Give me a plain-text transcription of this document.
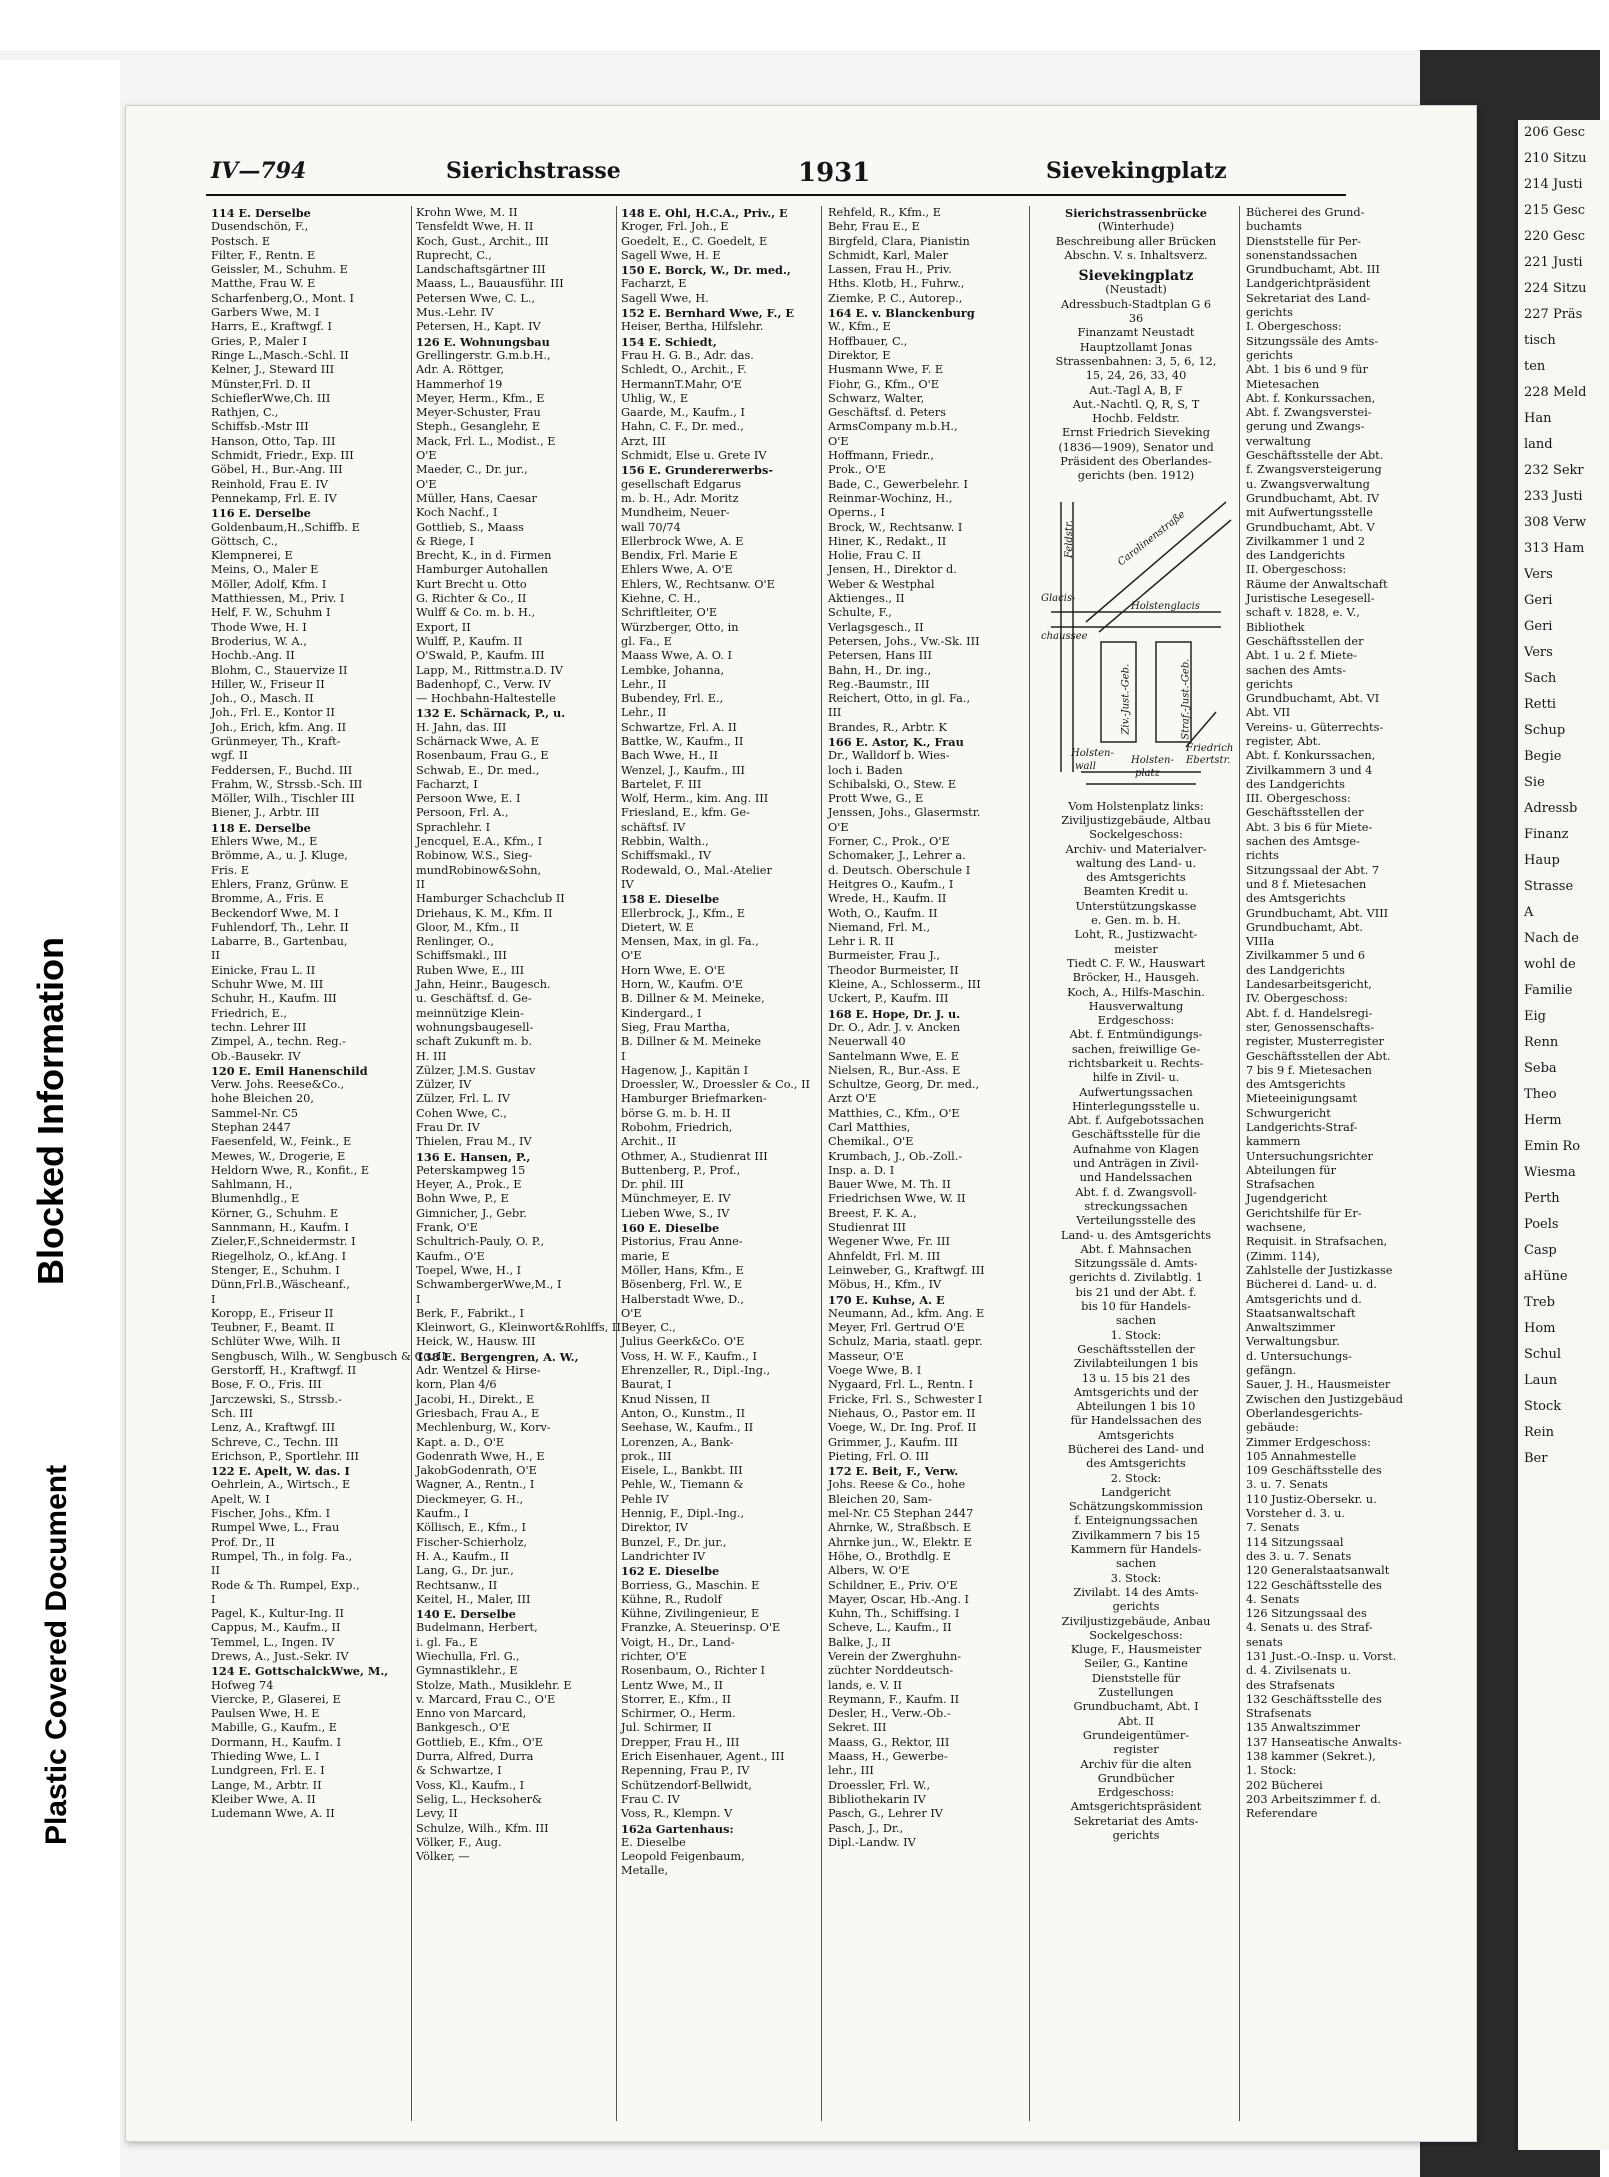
206 Gesc
210 Sitzu
214 Justi
215 Gesc
220 Gesc
221 Justi
224 Sitzu
227 Präs
tisch
ten
228 Meld
Han
land
232 Sekr
233 Justi
308 Verw
313 Ham
Vers
Geri
Geri
Vers
Sach
Retti
Schup
Begie
Sie
Adressb
Finanz
Haup
Strasse
A
Nach de
wohl de
Familie
Eig
Renn
Seba
Theo
Herm
Emin Ro
Wiesma
Perth
Poels
Casp
aHüne
Treb
Hom
Schul
Laun
Stock
Rein
Ber
Blocked Information
Plastic Covered Document
IV—794	Sierichstrasse	1931	Sievekingplatz
114 E. Derselbe
Dusendschön, F.,
Postsch. E
Filter, F., Rentn. E
Geissler, M., Schuhm. E
Matthe, Frau W. E
Scharfenberg,O., Mont. I
Garbers Wwe, M. I
Harrs, E., Kraftwgf. I
Gries, P., Maler I
Ringe L.,Masch.-Schl. II
Kelner, J., Steward III
Münster,Frl. D. II
SchieflerWwe,Ch. III
Rathjen, C.,
Schiffsb.-Mstr III
Hanson, Otto, Tap. III
Schmidt, Friedr., Exp. III
Göbel, H., Bur.-Ang. III
Reinhold, Frau E. IV
Pennekamp, Frl. E. IV
116 E. Derselbe
Goldenbaum,H.,Schiffb. E
Göttsch, C.,
Klempnerei, E
Meins, O., Maler E
Möller, Adolf, Kfm. I
Matthiessen, M., Priv. I
Helf, F. W., Schuhm I
Thode Wwe, H. I
Broderius, W. A.,
Hochb.-Ang. II
Blohm, C., Stauervize II
Hiller, W., Friseur II
Joh., O., Masch. II
Joh., Frl. E., Kontor II
Joh., Erich, kfm. Ang. II
Grünmeyer, Th., Kraft-
wgf. II
Feddersen, F., Buchd. III
Frahm, W., Strssb.-Sch. III
Möller, Wilh., Tischler III
Biener, J., Arbtr. III
118 E. Derselbe
Ehlers Wwe, M., E
Brömme, A., u. J. Kluge,
Fris. E
Ehlers, Franz, Grünw. E
Bromme, A., Fris. E
Beckendorf Wwe, M. I
Fuhlendorf, Th., Lehr. II
Labarre, B., Gartenbau,
II
Einicke, Frau L. II
Schuhr Wwe, M. III
Schuhr, H., Kaufm. III
Friedrich, E.,
techn. Lehrer III
Zimpel, A., techn. Reg.-
Ob.-Bausekr. IV
120 E. Emil Hanenschild
Verw. Johs. Reese&Co.,
hohe Bleichen 20,
Sammel-Nr. C5
Stephan 2447
Faesenfeld, W., Feink., E
Mewes, W., Drogerie, E
Heldorn Wwe, R., Konfit., E
Sahlmann, H.,
Blumenhdlg., E
Körner, G., Schuhm. E
Sannmann, H., Kaufm. I
Zieler,F.,Schneidermstr. I
Riegelholz, O., kf.Ang. I
Stenger, E., Schuhm. I
Dünn,Frl.B.,Wäscheanf.,
I
Koropp, E., Friseur II
Teubner, F., Beamt. II
Schlüter Wwe, Wilh. II
Sengbusch, Wilh., W. Sengbusch & Co. II
Gerstorff, H., Kraftwgf. II
Bose, F. O., Fris. III
Jarczewski, S., Strssb.-
Sch. III
Lenz, A., Kraftwgf. III
Schreve, C., Techn. III
Erichson, P., Sportlehr. III
122 E. Apelt, W. das. I
Oehrlein, A., Wirtsch., E
Apelt, W. I
Fischer, Johs., Kfm. I
Rumpel Wwe, L., Frau
Prof. Dr., II
Rumpel, Th., in folg. Fa.,
II
Rode & Th. Rumpel, Exp.,
I
Pagel, K., Kultur-Ing. II
Cappus, M., Kaufm., II
Temmel, L., Ingen. IV
Drews, A., Just.-Sekr. IV
124 E. GottschalckWwe, M.,
Hofweg 74
Viercke, P., Glaserei, E
Paulsen Wwe, H. E
Mabille, G., Kaufm., E
Dormann, H., Kaufm. I
Thieding Wwe, L. I
Lundgreen, Frl. E. I
Lange, M., Arbtr. II
Kleiber Wwe, A. II
Ludemann Wwe, A. II
Krohn Wwe, M. II
Tensfeldt Wwe, H. II
Koch, Gust., Archit., III
Ruprecht, C.,
Landschaftsgärtner III
Maass, L., Bauausführ. III
Petersen Wwe, C. L.,
Mus.-Lehr. IV
Petersen, H., Kapt. IV
126 E. Wohnungsbau
Grellingerstr. G.m.b.H.,
Adr. A. Röttger,
Hammerhof 19
Meyer, Herm., Kfm., E
Meyer-Schuster, Frau
Steph., Gesanglehr, E
Mack, Frl. L., Modist., E
O'E
Maeder, C., Dr. jur.,
O'E
Müller, Hans, Caesar
Koch Nachf., I
Gottlieb, S., Maass
& Riege, I
Brecht, K., in d. Firmen
Hamburger Autohallen
Kurt Brecht u. Otto
G. Richter & Co., II
Wulff & Co. m. b. H.,
Export, II
Wulff, P., Kaufm. II
O'Swald, P., Kaufm. III
Lapp, M., Rittmstr.a.D. IV
Badenhopf, C., Verw. IV
— Hochbahn-Haltestelle
132 E. Schärnack, P., u.
H. Jahn, das. III
Schärnack Wwe, A. E
Rosenbaum, Frau G., E
Schwab, E., Dr. med.,
Facharzt, I
Persoon Wwe, E. I
Persoon, Frl. A.,
Sprachlehr. I
Jencquel, E.A., Kfm., I
Robinow, W.S., Sieg-
mundRobinow&Sohn,
II
Hamburger Schachclub II
Driehaus, K. M., Kfm. II
Gloor, M., Kfm., II
Renlinger, O.,
Schiffsmakl., III
Ruben Wwe, E., III
Jahn, Heinr., Baugesch.
u. Geschäftsf. d. Ge-
meinnützige Klein-
wohnungsbaugesell-
schaft Zukunft m. b.
H. III
Zülzer, J.M.S. Gustav
Zülzer, IV
Zülzer, Frl. L. IV
Cohen Wwe, C.,
Frau Dr. IV
Thielen, Frau M., IV
136 E. Hansen, P.,
Peterskampweg 15
Heyer, A., Prok., E
Bohn Wwe, P., E
Gimnicher, J., Gebr.
Frank, O'E
Schultrich-Pauly, O. P.,
Kaufm., O'E
Toepel, Wwe, H., I
SchwambergerWwe,M., I
I
Berk, F., Fabrikt., I
Kleinwort, G., Kleinwort&Rohlffs, II
Heick, W., Hausw. III
138 E. Bergengren, A. W.,
Adr. Wentzel & Hirse-
korn, Plan 4/6
Jacobi, H., Direkt., E
Griesbach, Frau A., E
Mechlenburg, W., Korv-
Kapt. a. D., O'E
Godenrath Wwe, H., E
JakobGodenrath, O'E
Wagner, A., Rentn., I
Dieckmeyer, G. H.,
Kaufm., I
Köllisch, E., Kfm., I
Fischer-Schierholz,
H. A., Kaufm., II
Lang, G., Dr. jur.,
Rechtsanw., II
Keitel, H., Maler, III
140 E. Derselbe
Budelmann, Herbert,
i. gl. Fa., E
Wiechulla, Frl. G.,
Gymnastiklehr., E
Stolze, Math., Musiklehr. E
v. Marcard, Frau C., O'E
Enno von Marcard,
Bankgesch., O'E
Gottlieb, E., Kfm., O'E
Durra, Alfred, Durra
& Schwartze, I
Voss, Kl., Kaufm., I
Selig, L., Hecksoher&
Levy, II
Schulze, Wilh., Kfm. III
Völker, F., Aug.
Völker, —
148 E. Ohl, H.C.A., Priv., E
Kroger, Frl. Joh., E
Goedelt, E., C. Goedelt, E
Sagell Wwe, H. E
150 E. Borck, W., Dr. med.,
Facharzt, E
Sagell Wwe, H.
152 E. Bernhard Wwe, F., E
Heiser, Bertha, Hilfslehr.
154 E. Schiedt,
Frau H. G. B., Adr. das.
Schledt, O., Archit., F.
HermannT.Mahr, O'E
Uhlig, W., E
Gaarde, M., Kaufm., I
Hahn, C. F., Dr. med.,
Arzt, III
Schmidt, Else u. Grete IV
156 E. Grundererwerbs-
gesellschaft Edgarus
m. b. H., Adr. Moritz
Mundheim, Neuer-
wall 70/74
Ellerbrock Wwe, A. E
Bendix, Frl. Marie E
Ehlers Wwe, A. O'E
Ehlers, W., Rechtsanw. O'E
Kiehne, C. H.,
Schriftleiter, O'E
Würzberger, Otto, in
gl. Fa., E
Maass Wwe, A. O. I
Lembke, Johanna,
Lehr., II
Bubendey, Frl. E.,
Lehr., II
Schwartze, Frl. A. II
Battke, W., Kaufm., II
Bach Wwe, H., II
Wenzel, J., Kaufm., III
Bartelet, F. III
Wolf, Herm., kim. Ang. III
Friesland, E., kfm. Ge-
schäftsf. IV
Rebbin, Walth.,
Schiffsmakl., IV
Rodewald, O., Mal.-Atelier
IV
158 E. Dieselbe
Ellerbrock, J., Kfm., E
Dietert, W. E
Mensen, Max, in gl. Fa.,
O'E
Horn Wwe, E. O'E
Horn, W., Kaufm. O'E
B. Dillner & M. Meineke,
Kindergard., I
Sieg, Frau Martha,
B. Dillner & M. Meineke
I
Hagenow, J., Kapitän I
Droessler, W., Droessler & Co., II
Hamburger Briefmarken-
börse G. m. b. H. II
Robohm, Friedrich,
Archit., II
Othmer, A., Studienrat III
Buttenberg, P., Prof.,
Dr. phil. III
Münchmeyer, E. IV
Lieben Wwe, S., IV
160 E. Dieselbe
Pistorius, Frau Anne-
marie, E
Möller, Hans, Kfm., E
Bösenberg, Frl. W., E
Halberstadt Wwe, D.,
O'E
Beyer, C.,
Julius Geerk&Co. O'E
Voss, H. W. F., Kaufm., I
Ehrenzeller, R., Dipl.-Ing.,
Baurat, I
Knud Nissen, II
Anton, O., Kunstm., II
Seehase, W., Kaufm., II
Lorenzen, A., Bank-
prok., III
Eisele, L., Bankbt. III
Pehle, W., Tiemann &
Pehle IV
Hennig, F., Dipl.-Ing.,
Direktor, IV
Bunzel, F., Dr. jur.,
Landrichter IV
162 E. Dieselbe
Borriess, G., Maschin. E
Kühne, R., Rudolf
Kühne, Zivilingenieur, E
Franzke, A. Steuerinsp. O'E
Voigt, H., Dr., Land-
richter, O'E
Rosenbaum, O., Richter I
Lentz Wwe, M., II
Storrer, E., Kfm., II
Schirmer, O., Herm.
Jul. Schirmer, II
Drepper, Frau H., III
Erich Eisenhauer, Agent., III
Repenning, Frau P., IV
Schützendorf-Bellwidt,
Frau C. IV
Voss, R., Klempn. V
162a Gartenhaus:
E. Dieselbe
Leopold Feigenbaum,
Metalle,
Rehfeld, R., Kfm., E
Behr, Frau E., E
Birgfeld, Clara, Pianistin
Schmidt, Karl, Maler
Lassen, Frau H., Priv.
Hths. Klotb, H., Fuhrw.,
Ziemke, P. C., Autorep.,
164 E. v. Blanckenburg
W., Kfm., E
Hoffbauer, C.,
Direktor, E
Husmann Wwe, F. E
Fiohr, G., Kfm., O'E
Schwarz, Walter,
Geschäftsf. d. Peters
ArmsCompany m.b.H.,
O'E
Hoffmann, Friedr.,
Prok., O'E
Bade, C., Gewerbelehr. I
Reinmar-Wochinz, H.,
Operns., I
Brock, W., Rechtsanw. I
Hiner, K., Redakt., II
Holie, Frau C. II
Jensen, H., Direktor d.
Weber & Westphal
Aktienges., II
Schulte, F.,
Verlagsgesch., II
Petersen, Johs., Vw.-Sk. III
Petersen, Hans III
Bahn, H., Dr. ing.,
Reg.-Baumstr., III
Reichert, Otto, in gl. Fa.,
III
Brandes, R., Arbtr. K
166 E. Astor, K., Frau
Dr., Walldorf b. Wies-
loch i. Baden
Schibalski, O., Stew. E
Prott Wwe, G., E
Jenssen, Johs., Glasermstr.
O'E
Forner, C., Prok., O'E
Schomaker, J., Lehrer a.
d. Deutsch. Oberschule I
Heitgres O., Kaufm., I
Wrede, H., Kaufm. II
Woth, O., Kaufm. II
Niemand, Frl. M.,
Lehr i. R. II
Burmeister, Frau J.,
Theodor Burmeister, II
Kleine, A., Schlosserm., III
Uckert, P., Kaufm. III
168 E. Hope, Dr. J. u.
Dr. O., Adr. J. v. Ancken
Neuerwall 40
Santelmann Wwe, E. E
Nielsen, R., Bur.-Ass. E
Schultze, Georg, Dr. med.,
Arzt O'E
Matthies, C., Kfm., O'E
Carl Matthies,
Chemikal., O'E
Krumbach, J., Ob.-Zoll.-
Insp. a. D. I
Bauer Wwe, M. Th. II
Friedrichsen Wwe, W. II
Breest, F. K. A.,
Studienrat III
Wegener Wwe, Fr. III
Ahnfeldt, Frl. M. III
Leinweber, G., Kraftwgf. III
Möbus, H., Kfm., IV
170 E. Kuhse, A. E
Neumann, Ad., kfm. Ang. E
Meyer, Frl. Gertrud O'E
Schulz, Maria, staatl. gepr.
Masseur, O'E
Voege Wwe, B. I
Nygaard, Frl. L., Rentn. I
Fricke, Frl. S., Schwester I
Niehaus, O., Pastor em. II
Voege, W., Dr. Ing. Prof. II
Grimmer, J., Kaufm. III
Pieting, Frl. O. III
172 E. Beit, F., Verw.
Johs. Reese & Co., hohe
Bleichen 20, Sam-
mel-Nr. C5 Stephan 2447
Ahrnke, W., Straßbsch. E
Ahrnke jun., W., Elektr. E
Höhe, O., Brothdlg. E
Albers, W. O'E
Schildner, E., Priv. O'E
Mayer, Oscar, Hb.-Ang. I
Kuhn, Th., Schiffsing. I
Scheve, L., Kaufm., II
Balke, J., II
Verein der Zwerghuhn-
züchter Norddeutsch-
lands, e. V. II
Reymann, F., Kaufm. II
Desler, H., Verw.-Ob.-
Sekret. III
Maass, G., Rektor, III
Maass, H., Gewerbe-
lehr., III
Droessler, Frl. W.,
Bibliothekarin IV
Pasch, G., Lehrer IV
Pasch, J., Dr.,
Dipl.-Landw. IV
Sierichstrassenbrücke
(Winterhude)
Beschreibung aller Brücken Abschn. V. s. Inhaltsverz.
Sievekingplatz
(Neustadt)
Adressbuch-Stadtplan G 6
36
Finanzamt Neustadt
Hauptzollamt Jonas
Strassenbahnen: 3, 5, 6, 12,
15, 24, 26, 33, 40
Aut.-Tagl A, B, F
Aut.-Nachtl. Q, R, S, T
Hochb. Feldstr.
Ernst Friedrich Sieveking
(1836—1909), Senator und
Präsident des Oberlandes-
gerichts (ben. 1912)
Feldstr.	Carolinenstraße
Glacis-
chaussee
Holstenglacis
Ziv.-Just.-Geb.	Straf.-Just.-Geb.
Holsten-
wall
Holsten-
platz
Friedrich
Ebertstr.
Vom Holstenplatz links:
Ziviljustizgebäude, Altbau
Sockelgeschoss:
Archiv- und Materialver-
waltung des Land- u.
des Amtsgerichts
Beamten Kredit u.
Unterstützungskasse
e. Gen. m. b. H.
Loht, R., Justizwacht-
meister
Tiedt C. F. W., Hauswart
Bröcker, H., Hausgeh.
Koch, A., Hilfs-Maschin.
Hausverwaltung
Erdgeschoss:
Abt. f. Entmündigungs-
sachen, freiwillige Ge-
richtsbarkeit u. Rechts-
hilfe in Zivil- u.
Aufwertungssachen
Hinterlegungsstelle u.
Abt. f. Aufgebotssachen
Geschäftsstelle für die
Aufnahme von Klagen
und Anträgen in Zivil-
und Handelssachen
Abt. f. d. Zwangsvoll-
streckungssachen
Verteilungsstelle des
Land- u. des Amtsgerichts
Abt. f. Mahnsachen
Sitzungssäle d. Amts-
gerichts d. Zivilabtlg. 1
bis 21 und der Abt. f.
bis 10 für Handels-
sachen
1. Stock:
Geschäftsstellen der
Zivilabteilungen 1 bis
13 u. 15 bis 21 des
Amtsgerichts und der
Abteilungen 1 bis 10
für Handelssachen des
Amtsgerichts
Bücherei des Land- und
des Amtsgerichts
2. Stock:
Landgericht
Schätzungskommission
f. Enteignungssachen
Zivilkammern 7 bis 15
Kammern für Handels-
sachen
3. Stock:
Zivilabt. 14 des Amts-
gerichts
Ziviljustizgebäude, Anbau
Sockelgeschoss:
Kluge, F., Hausmeister
Seiler, G., Kantine
Dienststelle für
Zustellungen
Grundbuchamt, Abt. I
Abt. II
Grundeigentümer-
register
Archiv für die alten
Grundbücher
Erdgeschoss:
Amtsgerichtspräsident
Sekretariat des Amts-
gerichts
Bücherei des Grund-
buchamts
Dienststelle für Per-
sonenstandssachen
Grundbuchamt, Abt. III
Landgerichtpräsident
Sekretariat des Land-
gerichts
I. Obergeschoss:
Sitzungssäle des Amts-
gerichts
Abt. 1 bis 6 und 9 für
Mietesachen
Abt. f. Konkurssachen,
Abt. f. Zwangsverstei-
gerung und Zwangs-
verwaltung
Geschäftsstelle der Abt.
f. Zwangsversteigerung
u. Zwangsverwaltung
Grundbuchamt, Abt. IV
mit Aufwertungsstelle
Grundbuchamt, Abt. V
Zivilkammer 1 und 2
des Landgerichts
II. Obergeschoss:
Räume der Anwaltschaft
Juristische Lesegesell-
schaft v. 1828, e. V.,
Bibliothek
Geschäftsstellen der
Abt. 1 u. 2 f. Miete-
sachen des Amts-
gerichts
Grundbuchamt, Abt. VI
Abt. VII
Vereins- u. Güterrechts-
register, Abt.
Abt. f. Konkurssachen,
Zivilkammern 3 und 4
des Landgerichts
III. Obergeschoss:
Geschäftsstellen der
Abt. 3 bis 6 für Miete-
sachen des Amtsge-
richts
Sitzungssaal der Abt. 7
und 8 f. Mietesachen
des Amtsgerichts
Grundbuchamt, Abt. VIII
Grundbuchamt, Abt.
VIIIa
Zivilkammer 5 und 6
des Landgerichts
Landesarbeitsgericht,
IV. Obergeschoss:
Abt. f. d. Handelsregi-
ster, Genossenschafts-
register, Musterregister
Geschäftsstellen der Abt.
7 bis 9 f. Mietesachen
des Amtsgerichts
Mieteeinigungsamt
Schwurgericht
Landgerichts-Straf-
kammern
Untersuchungsrichter
Abteilungen für
Strafsachen
Jugendgericht
Gerichtshilfe für Er-
wachsene,
Requisit. in Strafsachen,
(Zimm. 114),
Zahlstelle der Justizkasse
Bücherei d. Land- u. d.
Amtsgerichts und d.
Staatsanwaltschaft
Anwaltszimmer
Verwaltungsbur.
d. Untersuchungs-
gefängn.
Sauer, J. H., Hausmeister
Zwischen den Justizgebäud
Oberlandesgerichts-
gebäude:
Zimmer Erdgeschoss:
105 Annahmestelle
109 Geschäftsstelle des
3. u. 7. Senats
110 Justiz-Obersekr. u.
Vorsteher d. 3. u.
7. Senats
114 Sitzungssaal
des 3. u. 7. Senats
120 Generalstaatsanwalt
122 Geschäftsstelle des
4. Senats
126 Sitzungssaal des
4. Senats u. des Straf-
senats
131 Just.-O.-Insp. u. Vorst.
d. 4. Zivilsenats u.
des Strafsenats
132 Geschäftsstelle des
Strafsenats
135 Anwaltszimmer
137 Hanseatische Anwalts-
138 kammer (Sekret.),
1. Stock:
202 Bücherei
203 Arbeitszimmer f. d.
Referendare
